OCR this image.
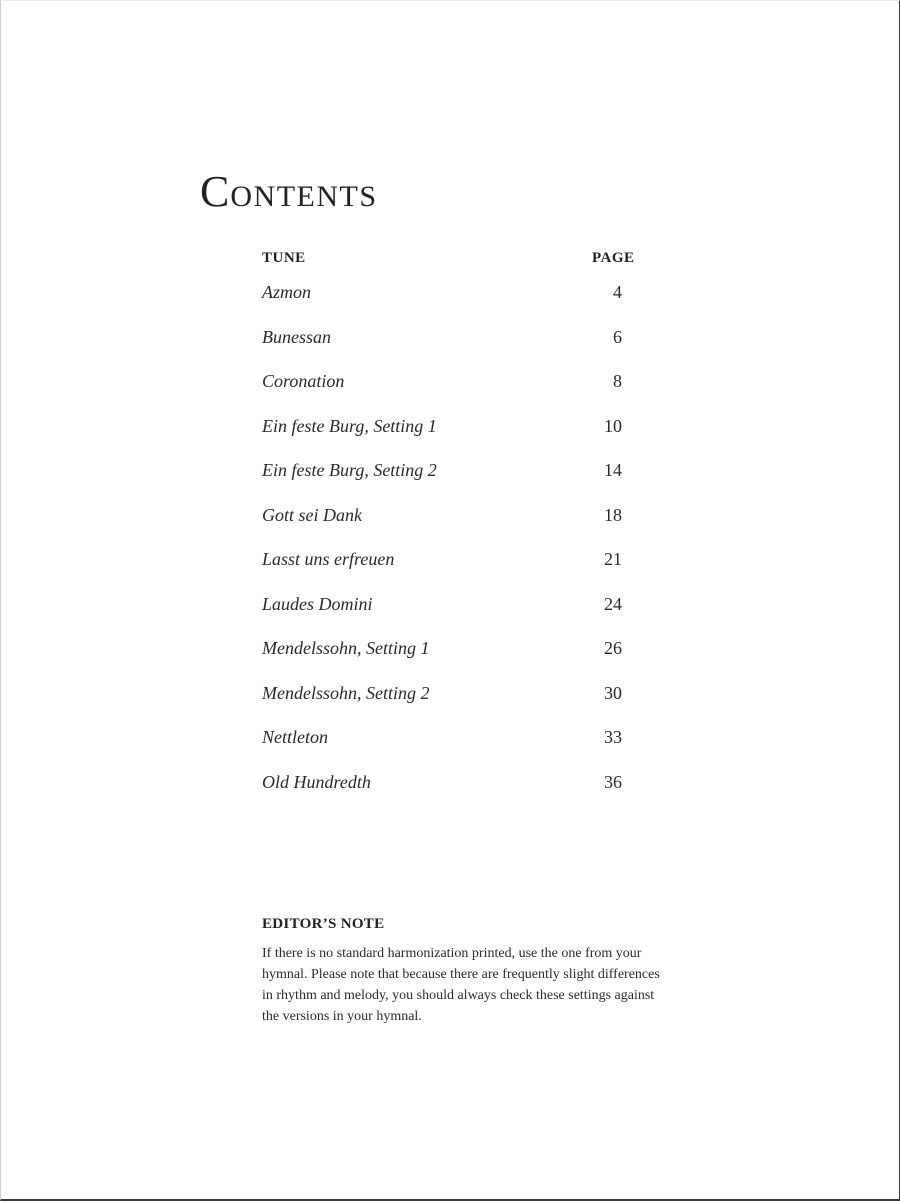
CONTENTS
TUNE	PAGE
Azmon	4
Bunessan	6
Coronation	8
Ein feste Burg, Setting 1	10
Ein feste Burg, Setting 2	14
Gott sei Dank	18
Lasst uns erfreuen	21
Laudes Domini	24
Mendelssohn, Setting 1	26
Mendelssohn, Setting 2	30
Nettleton	33
Old Hundredth	36
EDITOR’S NOTE

If there is no standard harmonization printed, use the one from your hymnal. Please note that because there are frequently slight differences in rhythm and melody, you should always check these settings against the versions in your hymnal.
